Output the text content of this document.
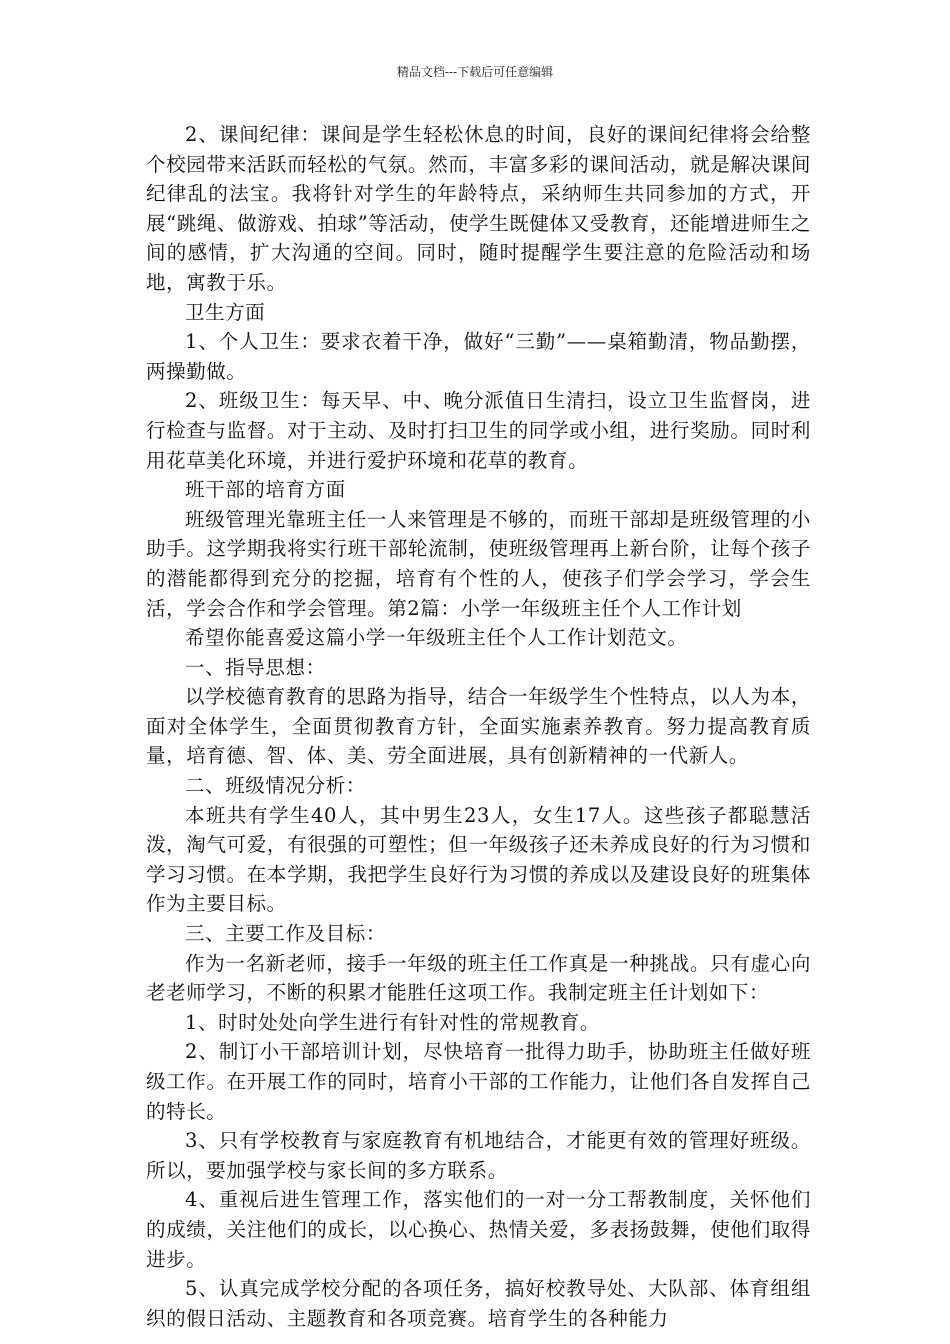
精品文档---下载后可任意编辑

2、课间纪律：课间是学生轻松休息的时间，良好的课间纪律将会给整个校园带来活跃而轻松的气氛。然而，丰富多彩的课间活动，就是解决课间纪律乱的法宝。我将针对学生的年龄特点，采纳师生共同参加的方式，开展“跳绳、做游戏、拍球”等活动，使学生既健体又受教育，还能增进师生之间的感情，扩大沟通的空间。同时，随时提醒学生要注意的危险活动和场地，寓教于乐。

卫生方面

1、个人卫生：要求衣着干净，做好“三勤”——桌箱勤清，物品勤摆，两操勤做。

2、班级卫生：每天早、中、晚分派值日生清扫，设立卫生监督岗，进行检查与监督。对于主动、及时打扫卫生的同学或小组，进行奖励。同时利用花草美化环境，并进行爱护环境和花草的教育。

班干部的培育方面

班级管理光靠班主任一人来管理是不够的，而班干部却是班级管理的小助手。这学期我将实行班干部轮流制，使班级管理再上新台阶，让每个孩子的潜能都得到充分的挖掘，培育有个性的人，使孩子们学会学习，学会生活，学会合作和学会管理。第2篇：小学一年级班主任个人工作计划

希望你能喜爱这篇小学一年级班主任个人工作计划范文。

一、指导思想：

以学校德育教育的思路为指导，结合一年级学生个性特点，以人为本，面对全体学生，全面贯彻教育方针，全面实施素养教育。努力提高教育质量，培育德、智、体、美、劳全面进展，具有创新精神的一代新人。

二、班级情况分析：

本班共有学生40人，其中男生23人，女生17人。这些孩子都聪慧活泼，淘气可爱，有很强的可塑性；但一年级孩子还未养成良好的行为习惯和学习习惯。在本学期，我把学生良好行为习惯的养成以及建设良好的班集体作为主要目标。

三、主要工作及目标：

作为一名新老师，接手一年级的班主任工作真是一种挑战。只有虚心向老老师学习，不断的积累才能胜任这项工作。我制定班主任计划如下：

1、时时处处向学生进行有针对性的常规教育。

2、制订小干部培训计划，尽快培育一批得力助手，协助班主任做好班级工作。在开展工作的同时，培育小干部的工作能力，让他们各自发挥自己的特长。

3、只有学校教育与家庭教育有机地结合，才能更有效的管理好班级。所以，要加强学校与家长间的多方联系。

4、重视后进生管理工作，落实他们的一对一分工帮教制度，关怀他们的成绩，关注他们的成长，以心换心、热情关爱，多表扬鼓舞，使他们取得进步。

5、认真完成学校分配的各项任务，搞好校教导处、大队部、体育组组织的假日活动、主题教育和各项竞赛。培育学生的各种能力
